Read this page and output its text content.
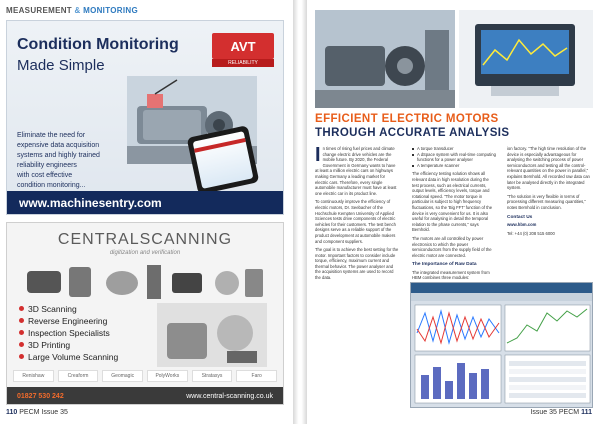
MEASUREMENT & MONITORING
Condition Monitoring
Made Simple
AVT
RELIABILITY
Eliminate the need for
expensive data acquisition
systems and highly trained
reliability engineers
with cost effective
condition monitoring...
www.machinesentry.com
CENTRALSCANNING
digitization and verification
3D Scanning
Reverse Engineering
Inspection Specialists
3D Printing
Large Volume Scanning
Renishaw	Creaform	Geomagic	PolyWorks	Stratasys	Faro
01827 530 242	www.central-scanning.co.uk
110 PECM Issue 35
EFFICIENT ELECTRIC MOTORS
THROUGH ACCURATE ANALYSIS

In times of rising fuel prices and climate change electric drive vehicles are the mobile future. By 2020, the Federal Government in Germany wants to have at least a million electric cars on highways making Germany a leading market for electric cars. Therefore, every single automobile manufacturer must have at least one electric car in its product line.

To continuously improve the efficiency of electric motors, Dr. Seebacher of the Hochschule Kempten University of Applied Sciences tests drive components of electric vehicles for their customers. The test bench designs serve as a reliable support of the product development at automobile makers and component suppliers.

The goal is to achieve the best setting for the motor. Important factors to consider include torque, efficiency, maximum current and thermal behavior. The power analyser and the acquisition systems are used to record the data.

A torque transducer
A dSpace system with real-time computing functions for a power analyser
A temperature scanner

The efficiency testing solution shows all relevant data in high resolution during the test process, such as electrical currents, output levels, efficiency levels, torque and rotational speed. "The motor torque in particular is subject to high frequency fluctuations, so the 'Big FFT' function of the device is very convenient for us. It is also useful for analysing in detail the temporal relation to the phase currents," says Bernhold.

The motors are all controlled by power electronics to which the power semiconductors from the supply field of the electric motor are connected.

The Importance of Raw Data

The integrated measurement system from HBM combines three modules:

ion factory. "The high time resolution of the device is especially advantageous for analysing the switching process of power semiconductors and testing all the control-relevant quantities on the power in parallel," explains Bernhold. All recorded raw data can later be analysed directly in the integrated system.

"The solution is very flexible in terms of processing different measuring quantities," notes Bernhold in conclusion.

Contact Us

www.hbm.com

Tel: +44 (0) 208 515 6000

Issue 35 PECM 111
